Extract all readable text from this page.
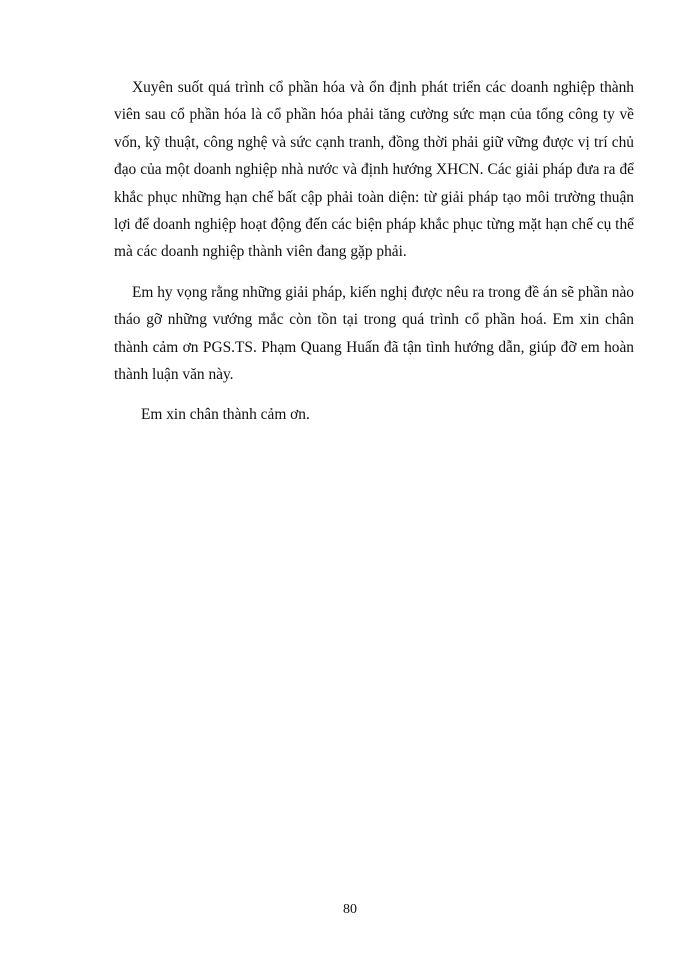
Xuyên suốt quá trình cổ phần hóa và ổn định phát triển các doanh nghiệp thành viên sau cổ phần hóa là cổ phần hóa phải tăng cường sức mạn của tổng công ty về vốn, kỹ thuật, công nghệ và sức cạnh tranh, đồng thời phải giữ vững được vị trí chủ đạo của một doanh nghiệp nhà nước và định hướng XHCN. Các giải pháp đưa ra để khắc phục những hạn chế bất cập phải toàn diện: từ giải pháp tạo môi trường thuận lợi để doanh nghiệp hoạt động đến các biện pháp khắc phục từng mặt hạn chế cụ thể mà các doanh nghiệp thành viên đang gặp phải.

Em hy vọng rằng những giải pháp, kiến nghị được nêu ra trong đề án sẽ phần nào tháo gỡ những vướng mắc còn tồn tại trong quá trình cổ phần hoá. Em xin chân thành cảm ơn PGS.TS. Phạm Quang Huấn đã tận tình hướng dẫn, giúp đỡ em hoàn thành luận văn này.

Em xin chân thành cảm ơn.

80
